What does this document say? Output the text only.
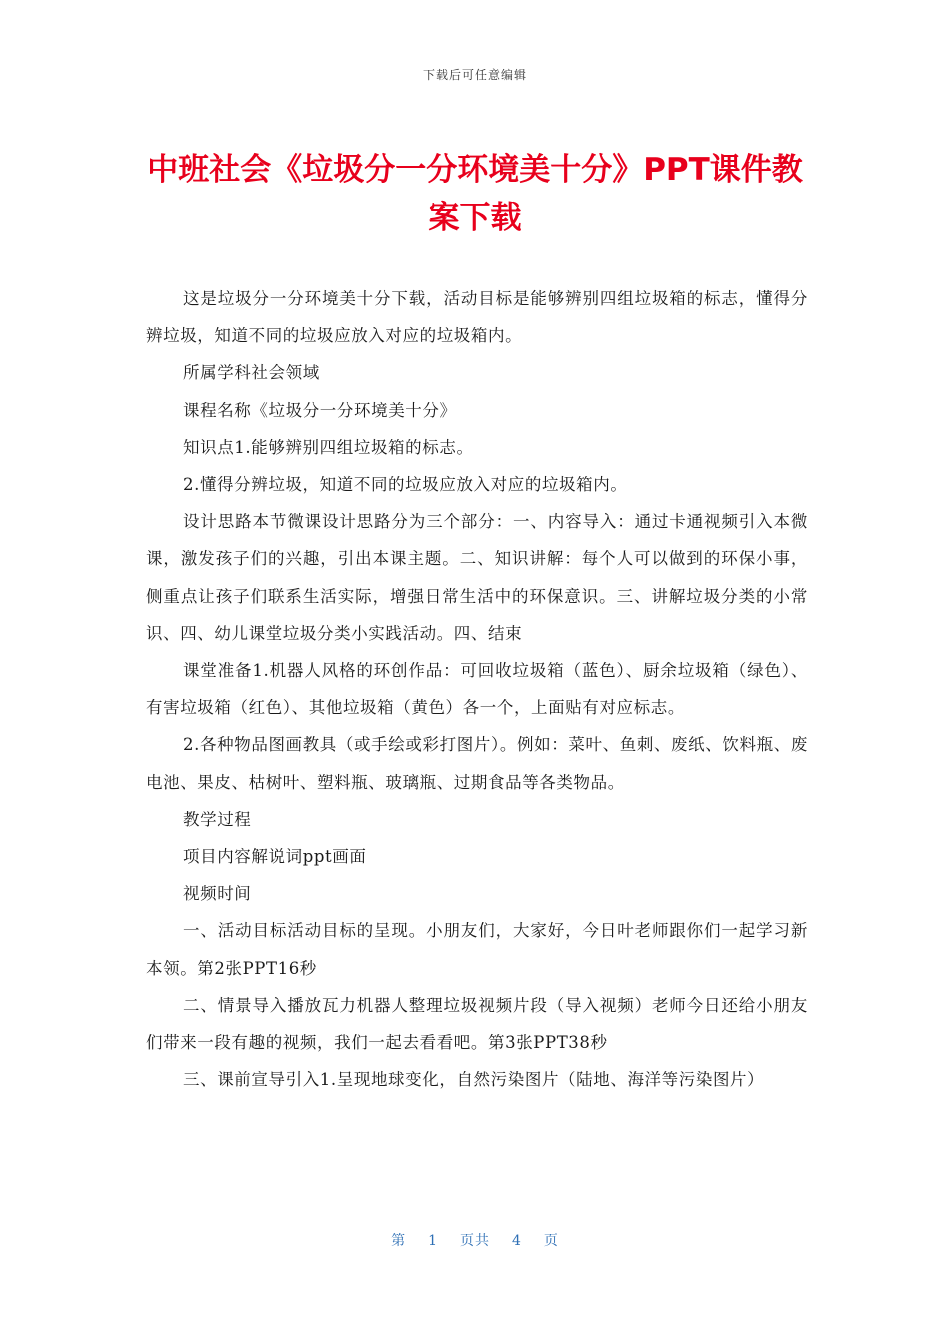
下载后可任意编辑
中班社会《垃圾分一分环境美十分》PPT课件教案下载

这是垃圾分一分环境美十分下载，活动目标是能够辨别四组垃圾箱的标志，懂得分辨垃圾，知道不同的垃圾应放入对应的垃圾箱内。

所属学科社会领域

课程名称《垃圾分一分环境美十分》

知识点1.能够辨别四组垃圾箱的标志。

2.懂得分辨垃圾，知道不同的垃圾应放入对应的垃圾箱内。

设计思路本节微课设计思路分为三个部分：一、内容导入：通过卡通视频引入本微课，激发孩子们的兴趣，引出本课主题。二、知识讲解：每个人可以做到的环保小事，侧重点让孩子们联系生活实际，增强日常生活中的环保意识。三、讲解垃圾分类的小常识、四、幼儿课堂垃圾分类小实践活动。四、结束

课堂准备1.机器人风格的环创作品：可回收垃圾箱（蓝色）、厨余垃圾箱（绿色）、有害垃圾箱（红色）、其他垃圾箱（黄色）各一个，上面贴有对应标志。

2.各种物品图画教具（或手绘或彩打图片）。例如：菜叶、鱼刺、废纸、饮料瓶、废电池、果皮、枯树叶、塑料瓶、玻璃瓶、过期食品等各类物品。

教学过程

项目内容解说词ppt画面

视频时间

一、活动目标活动目标的呈现。小朋友们，大家好，今日叶老师跟你们一起学习新本领。第2张PPT16秒

二、情景导入播放瓦力机器人整理垃圾视频片段（导入视频）老师今日还给小朋友们带来一段有趣的视频，我们一起去看看吧。第3张PPT38秒

三、课前宣导引入1.呈现地球变化，自然污染图片（陆地、海洋等污染图片）

第 1 页共 4 页
